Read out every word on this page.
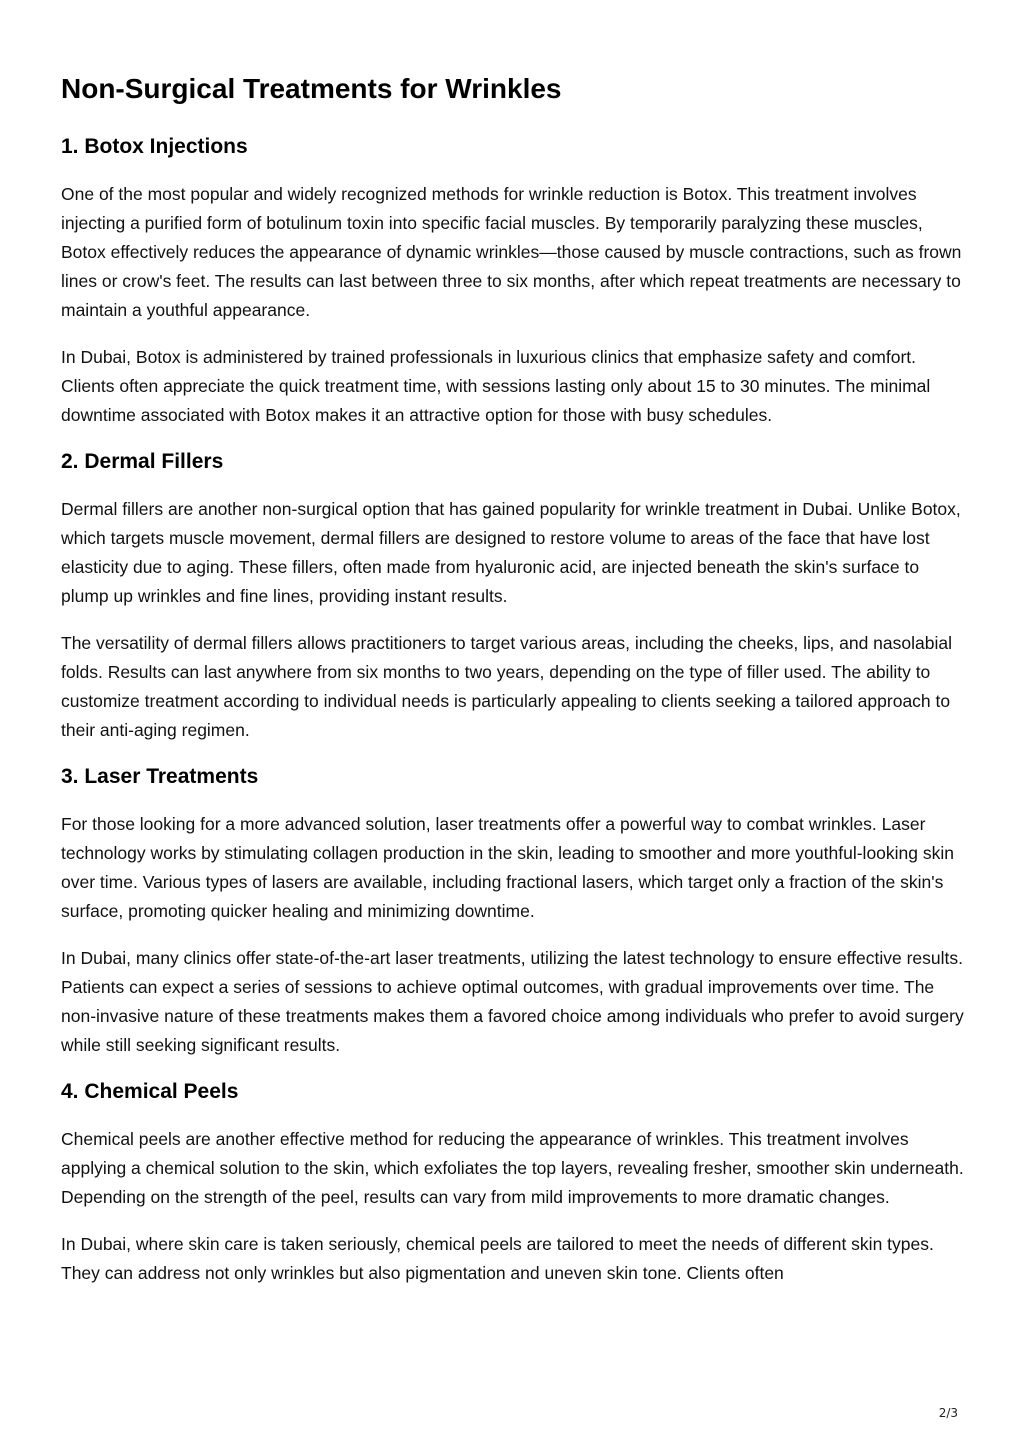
Non-Surgical Treatments for Wrinkles
1. Botox Injections

One of the most popular and widely recognized methods for wrinkle reduction is Botox. This treatment involves injecting a purified form of botulinum toxin into specific facial muscles. By temporarily paralyzing these muscles, Botox effectively reduces the appearance of dynamic wrinkles—those caused by muscle contractions, such as frown lines or crow's feet. The results can last between three to six months, after which repeat treatments are necessary to maintain a youthful appearance.

In Dubai, Botox is administered by trained professionals in luxurious clinics that emphasize safety and comfort. Clients often appreciate the quick treatment time, with sessions lasting only about 15 to 30 minutes. The minimal downtime associated with Botox makes it an attractive option for those with busy schedules.

2. Dermal Fillers

Dermal fillers are another non-surgical option that has gained popularity for wrinkle treatment in Dubai. Unlike Botox, which targets muscle movement, dermal fillers are designed to restore volume to areas of the face that have lost elasticity due to aging. These fillers, often made from hyaluronic acid, are injected beneath the skin's surface to plump up wrinkles and fine lines, providing instant results.

The versatility of dermal fillers allows practitioners to target various areas, including the cheeks, lips, and nasolabial folds. Results can last anywhere from six months to two years, depending on the type of filler used. The ability to customize treatment according to individual needs is particularly appealing to clients seeking a tailored approach to their anti-aging regimen.

3. Laser Treatments

For those looking for a more advanced solution, laser treatments offer a powerful way to combat wrinkles. Laser technology works by stimulating collagen production in the skin, leading to smoother and more youthful-looking skin over time. Various types of lasers are available, including fractional lasers, which target only a fraction of the skin's surface, promoting quicker healing and minimizing downtime.

In Dubai, many clinics offer state-of-the-art laser treatments, utilizing the latest technology to ensure effective results. Patients can expect a series of sessions to achieve optimal outcomes, with gradual improvements over time. The non-invasive nature of these treatments makes them a favored choice among individuals who prefer to avoid surgery while still seeking significant results.

4. Chemical Peels

Chemical peels are another effective method for reducing the appearance of wrinkles. This treatment involves applying a chemical solution to the skin, which exfoliates the top layers, revealing fresher, smoother skin underneath. Depending on the strength of the peel, results can vary from mild improvements to more dramatic changes.

In Dubai, where skin care is taken seriously, chemical peels are tailored to meet the needs of different skin types. They can address not only wrinkles but also pigmentation and uneven skin tone. Clients often

2/3
